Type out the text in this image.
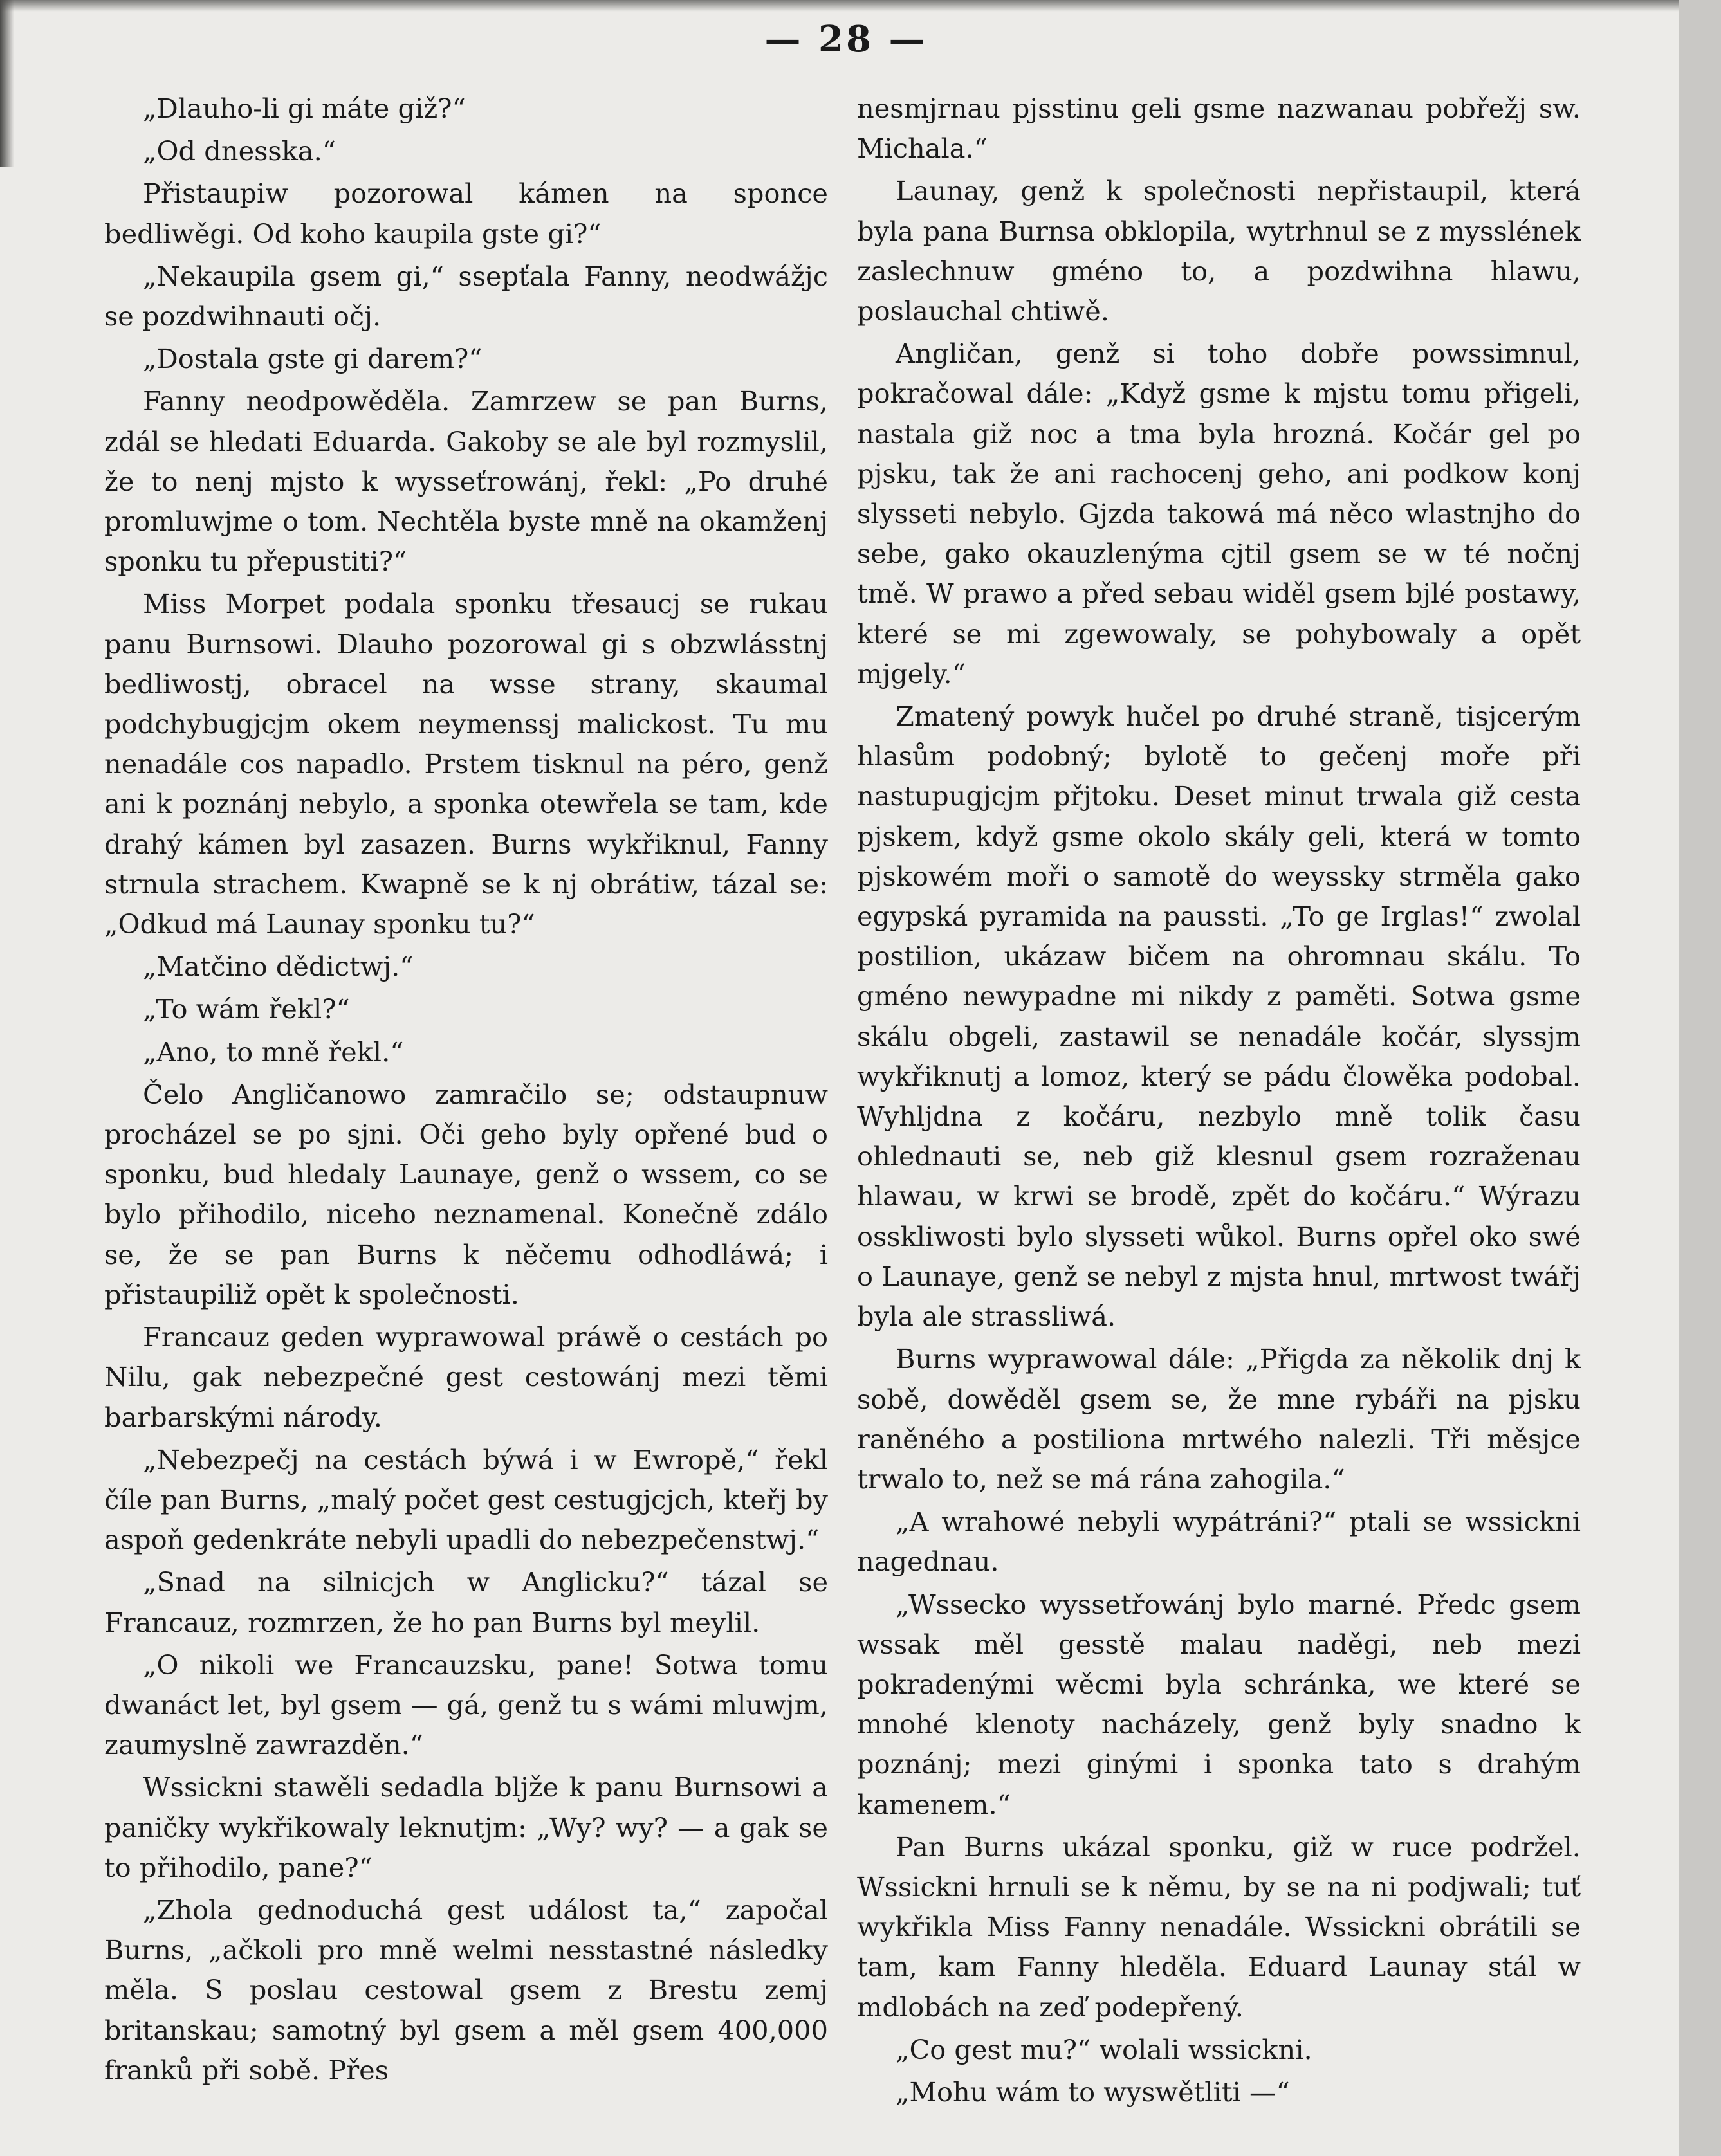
— 28 —

„Dlauho-li gi máte giž?“

„Od dnesska.“

Přistaupiw pozorowal kámen na sponce bedliwěgi. Od koho kaupila gste gi?“

„Nekaupila gsem gi,“ ssepťala Fanny, neodwážjc se pozdwihnauti očj.

„Dostala gste gi darem?“

Fanny neodpowěděla. Zamrzew se pan Burns, zdál se hledati Eduarda. Gakoby se ale byl rozmyslil, že to nenj mjsto k wysseťrowánj, řekl: „Po druhé promluwjme o tom. Nechtěla byste mně na okamženj sponku tu přepustiti?“

Miss Morpet podala sponku třesaucj se rukau panu Burnsowi. Dlauho pozorowal gi s obzwlásstnj bedliwostj, obracel na wsse strany, skaumal podchybugjcjm okem neymenssj malickost. Tu mu nenadále cos napadlo. Prstem tisknul na péro, genž ani k poznánj nebylo, a sponka otewřela se tam, kde drahý kámen byl zasazen. Burns wykřiknul, Fanny strnula strachem. Kwapně se k nj obrátiw, tázal se: „Odkud má Launay sponku tu?“

„Matčino dědictwj.“

„To wám řekl?“

„Ano, to mně řekl.“

Čelo Angličanowo zamračilo se; odstaupnuw procházel se po sjni. Oči geho byly opřené bud o sponku, bud hledaly Launaye, genž o wssem, co se bylo přihodilo, nicehо neznamenal. Konečně zdálo se, že se pan Burns k něčemu odhodláwá; i přistaupiliž opět k společnosti.

Francauz geden wyprawowal práwě o cestách po Nilu, gak nebezpečné gest cestowánj mezi těmi barbarskými národy.

„Nebezpečj na cestách býwá i w Ewropě,“ řekl číle pan Burns, „malý počet gest cestugjcjch, kteřj by aspoň gedenkráte nebyli upadli do nebezpečenstwj.“

„Snad na silnicjch w Anglicku?“ tázal se Francauz, rozmrzen, že ho pan Burns byl meylil.

„O nikoli we Francauzsku, pane! Sotwa tomu dwanáct let, byl gsem — gá, genž tu s wámi mluwjm, zaumyslně zawrazděn.“

Wssickni stawěli sedadla blјže k panu Burnsowi a paničky wykřikowaly leknutjm: „Wy? wy? — a gak se to přihodilo, pane?“

„Zhola gednoduchá gest událost ta,“ započal Burns, „ačkoli pro mně welmi nesstastné následky měla. S poslau cestowal gsem z Brestu zemj britanskau; samotný byl gsem a měl gsem 400,000 franků při sobě. Přes

nesmjrnau pjsstinu geli gsme nazwanau pobřežj sw. Michala.“

Launay, genž k společnosti nepřistaupil, která byla pana Burnsa obklopila, wytrhnul se z mysslének zaslechnuw gméno to, a pozdwihna hlawu, poslauchal chtiwě.

Angličan, genž si toho dobře powssimnul, pokračowal dále: „Když gsme k mjstu tomu přigeli, nastala giž noc a tma byla hrozná. Kočár gel po pjsku, tak že ani rachocenj geho, ani podkow konj slysseti nebylo. Gjzda takowá má něco wlastnjho do sebe, gako okauzlenýma cjtil gsem se w té nočnj tmě. W prawo a před sebau widěl gsem bjlé postawy, které se mi zgewowaly, se pohybowaly a opět mjgely.“

Zmatený powyk hučel po druhé straně, tisjcerým hlasům podobný; bylotě to gečenj moře při nastupugjcjm přjtoku. Deset minut trwala giž cesta pjskem, když gsme okolo skály geli, která w tomto pjskowém moři o samotě do weysskу strměla gako egypská pyramida na paussti. „To ge Irglas!“ zwolal postilion, ukázaw bičem na ohromnau skálu. To gméno newypadne mi nikdy z paměti. Sotwa gsme skálu obgeli, zastawil se nenadále kočár, slyssjm wykřiknutj a lomoz, který se pádu člowěka podobal. Wyhljdna z kočáru, nezbylo mně tolik času ohlednauti se, neb giž klesnul gsem rozraženau hlawau, w krwi se brodě, zpět do kočáru.“ Wýrazu ossklіwosti bylo slysseti wůkol. Burns opřel oko swé o Launaye, genž se nebyl z mjsta hnul, mrtwost twářj byla ale strassliwá.

Burns wyprawowal dále: „Přigda za několik dnj k sobě, dowěděl gsem se, že mne rybáři na pjsku raněného a postiliona mrtwého nalezli. Tři měsjce trwalo to, než se má rána zahogila.“

„A wrahowé nebyli wypátránі?“ ptali se wssickni nagednau.

„Wssecko wyssetřowánj bylo marné. Předc gsem wssak měl gesstě malau naděgi, neb mezi pokradenými wěcmi byla schránka, we které se mnohé klenoty nacházely, genž byly snadno k poznánj; mezi ginými i sponka tato s drahým kamenem.“

Pan Burns ukázal sponku, giž w ruce podržel. Wssickni hrnuli se k němu, by se na ni podjwali; tuť wykřikla Miss Fanny nenadále. Wssickni obrátili se tam, kam Fanny hleděla. Eduard Launay stál w mdlobách na zeď podepřený.

„Co gest mu?“ wolali wssickni.

„Mohu wám to wyswětliti —“
